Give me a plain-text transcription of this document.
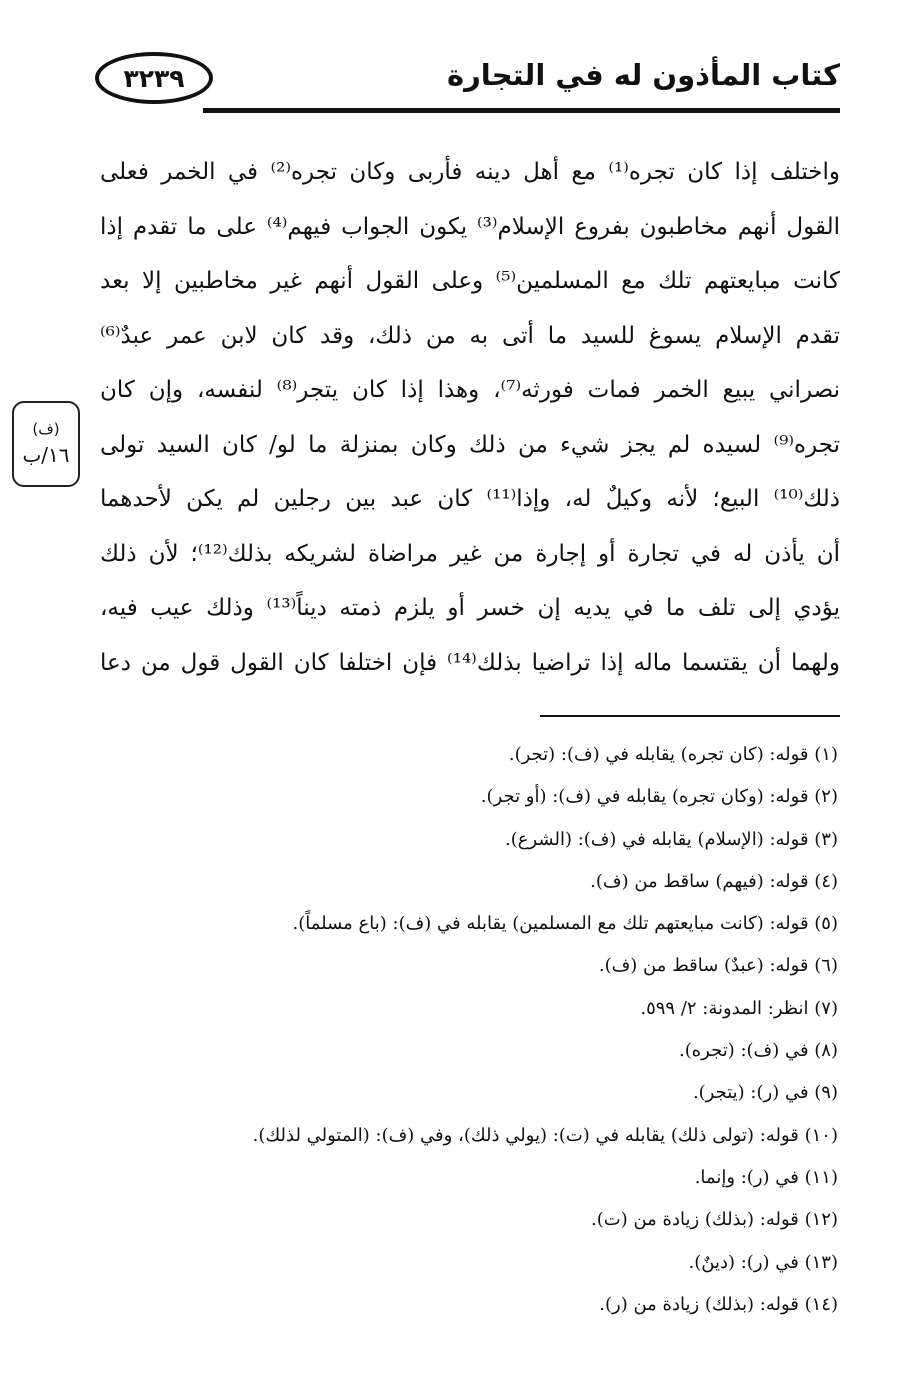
٣٢٣٩	كتاب المأذون له في التجارة
واختلف إذا كان تجره⁽¹⁾ مع أهل دينه فأربى وكان تجره⁽²⁾ في الخمر فعلى
القول أنهم مخاطبون بفروع الإسلام⁽³⁾ يكون الجواب فيهم⁽⁴⁾ على ما تقدم إذا
كانت مبايعتهم تلك مع المسلمين⁽⁵⁾ وعلى القول أنهم غير مخاطبين إلا بعد
تقدم الإسلام يسوغ للسيد ما أتى به من ذلك، وقد كان لابن عمر عبدٌ⁽⁶⁾
نصراني يبيع الخمر فمات فورثه⁽⁷⁾، وهذا إذا كان يتجر⁽⁸⁾ لنفسه، وإن كان
تجره⁽⁹⁾ لسيده لم يجز شيء من ذلك وكان بمنزلة ما لو/ كان السيد تولى
ذلك⁽¹⁰⁾ البيع؛ لأنه وكيلٌ له، وإذا⁽¹¹⁾ كان عبد بين رجلين لم يكن لأحدهما
أن يأذن له في تجارة أو إجارة من غير مراضاة لشريكه بذلك⁽¹²⁾؛ لأن ذلك
يؤدي إلى تلف ما في يديه إن خسر أو يلزم ذمته ديناً⁽¹³⁾ وذلك عيب فيه،
ولهما أن يقتسما ماله إذا تراضيا بذلك⁽¹⁴⁾ فإن اختلفا كان القول قول من دعا
(ف)
١٦/ب
(١) قوله: (كان تجره) يقابله في (ف): (تجر).
(٢) قوله: (وكان تجره) يقابله في (ف): (أو تجر).
(٣) قوله: (الإسلام) يقابله في (ف): (الشرع).
(٤) قوله: (فيهم) ساقط من (ف).
(٥) قوله: (كانت مبايعتهم تلك مع المسلمين) يقابله في (ف): (باع مسلماً).
(٦) قوله: (عبدٌ) ساقط من (ف).
(٧) انظر: المدونة: ٢/ ٥٩٩.
(٨) في (ف): (تجره).
(٩) في (ر): (يتجر).
(١٠) قوله: (تولى ذلك) يقابله في (ت): (يولي ذلك)، وفي (ف): (المتولي لذلك).
(١١) في (ر): وإنما.
(١٢) قوله: (بذلك) زيادة من (ت).
(١٣) في (ر): (دينٌ).
(١٤) قوله: (بذلك) زيادة من (ر).
